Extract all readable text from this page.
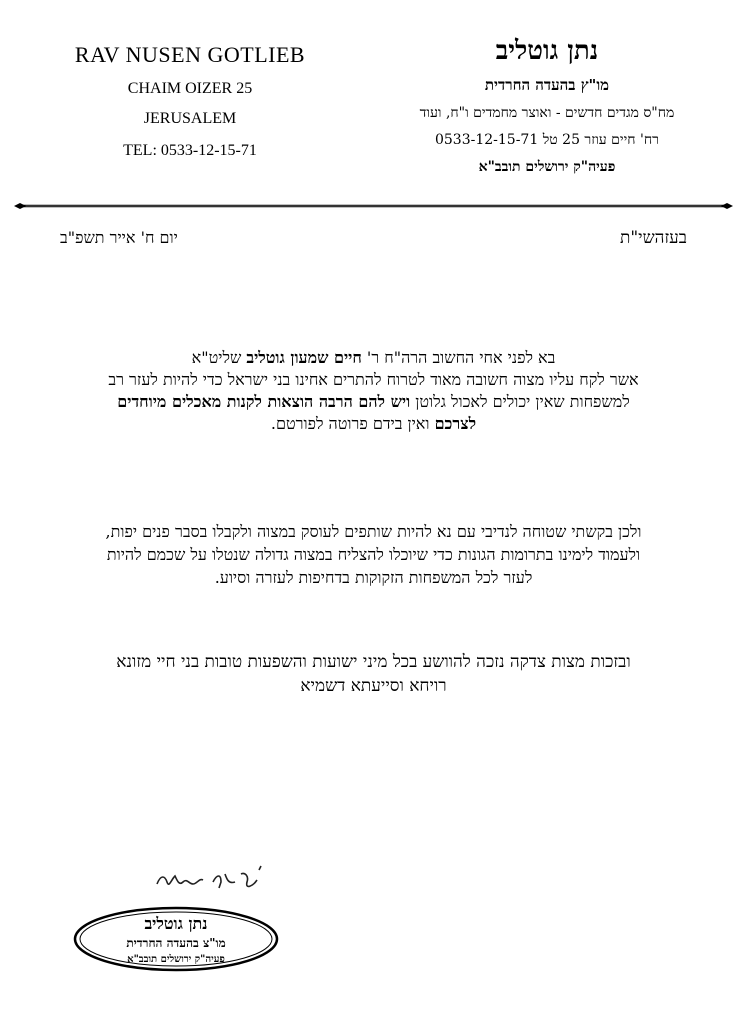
RAV NUSEN GOTLIEB
CHAIM OIZER 25
JERUSALEM
TEL: 0533-12-15-71
נתן גוטליב
מו"ץ בהעדה החרדית
מח"ס מגדים חדשים - ואוצר מחמדים ו"ח, ועוד
רח' חיים עוזר 25 טל 0533-12-15-71
פעיה"ק ירושלים תובב"א
בעזהשי"ת
יום ח' אייר תשפ"ב
בא לפני אחי החשוב הרה"ח ר' חיים שמעון גוטליב שליט"א
אשר לקח עליו מצוה חשובה מאוד לטרוח להתרים אחינו בני ישראל כדי להיות לעזר רב
למשפחות שאין יכולים לאכול גלוטן ויש להם הרבה הוצאות לקנות מאכלים מיוחדים
לצרכם ואין בידם פרוטה לפורטם.
ולכן בקשתי שטוחה לנדיבי עם נא להיות שותפים לעוסק במצוה ולקבלו בסבר פנים יפות,
ולעמוד לימינו בתרומות הגונות כדי שיוכלו להצליח במצוה גדולה שנטלו על שכמם להיות
לעזר לכל המשפחות הזקוקות בדחיפות לעזרה וסיוע.
ובזכות מצות צדקה נזכה להוושע בכל מיני ישועות והשפעות טובות בני חיי מזונא
רויחא וסייעתא דשמיא
נתן גוטליב
מו"צ בהעדה החרדית
פעיה"ק ירושלים תובב"א
